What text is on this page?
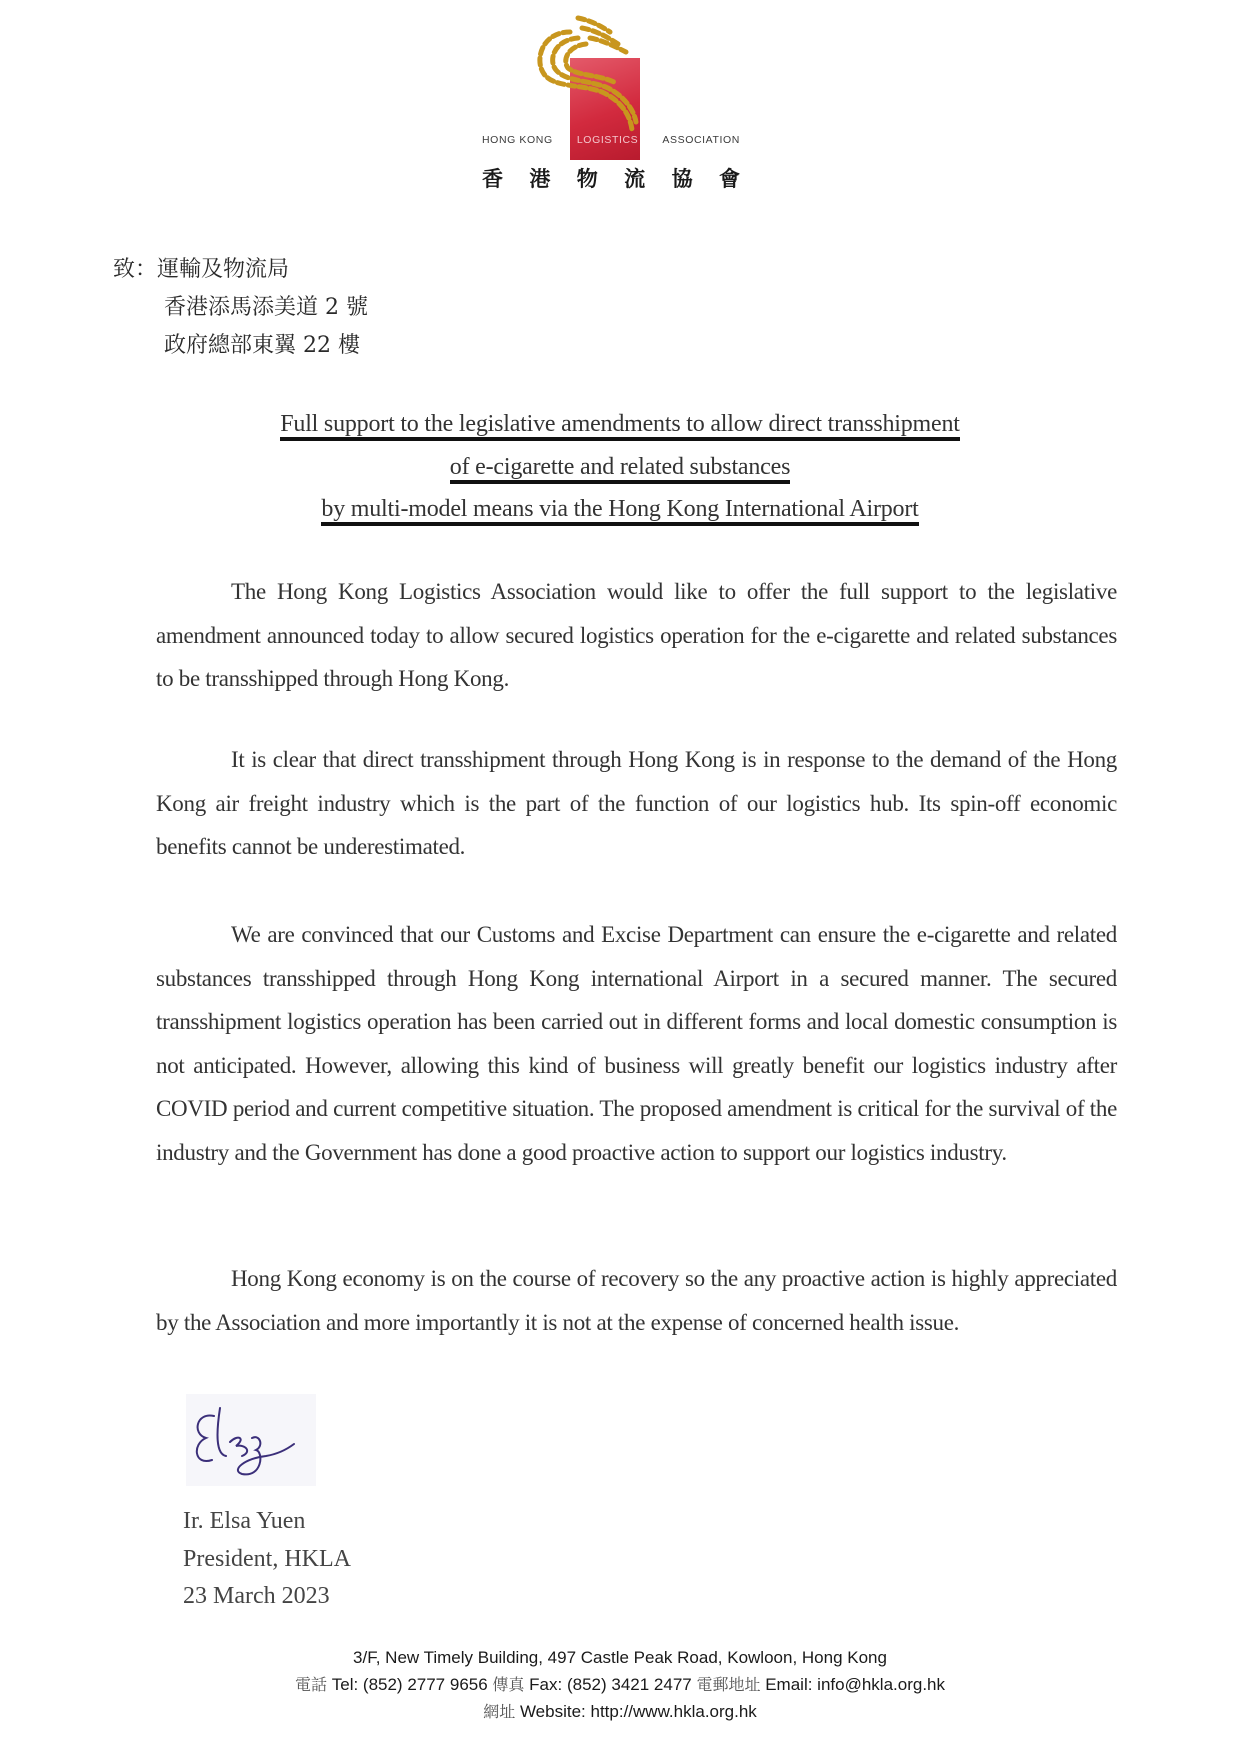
HONG KONG LOGISTICS ASSOCIATION
香 港 物 流 協 會
致：運輸及物流局
香港添馬添美道 2 號
政府總部東翼 22 樓
Full support to the legislative amendments to allow direct transshipment
of e-cigarette and related substances
by multi-model means via the Hong Kong International Airport

The Hong Kong Logistics Association would like to offer the full support to the legislative amendment announced today to allow secured logistics operation for the e-cigarette and related substances to be transshipped through Hong Kong.

It is clear that direct transshipment through Hong Kong is in response to the demand of the Hong Kong air freight industry which is the part of the function of our logistics hub. Its spin-off economic benefits cannot be underestimated.

We are convinced that our Customs and Excise Department can ensure the e-cigarette and related substances transshipped through Hong Kong international Airport in a secured manner. The secured transshipment logistics operation has been carried out in different forms and local domestic consumption is not anticipated. However, allowing this kind of business will greatly benefit our logistics industry after COVID period and current competitive situation. The proposed amendment is critical for the survival of the industry and the Government has done a good proactive action to support our logistics industry.

Hong Kong economy is on the course of recovery so the any proactive action is highly appreciated by the Association and more importantly it is not at the expense of concerned health issue.

Ir. Elsa Yuen
President, HKLA
23 March 2023
3/F, New Timely Building, 497 Castle Peak Road, Kowloon, Hong Kong
電話 Tel: (852) 2777 9656 傳真 Fax: (852) 3421 2477 電郵地址 Email: info@hkla.org.hk
網址 Website: http://www.hkla.org.hk
